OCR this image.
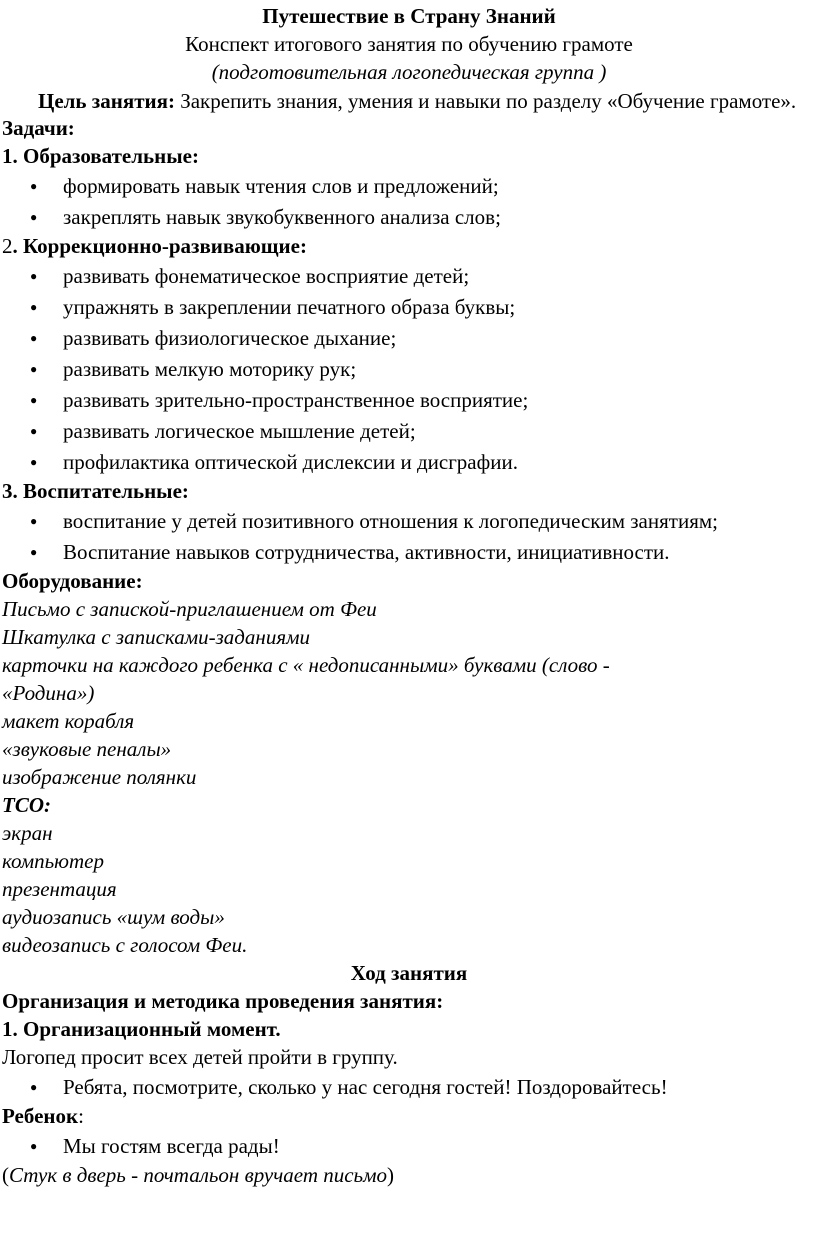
Путешествие в Страну Знаний

Конспект итогового занятия по обучению грамоте

(подготовительная логопедическая группа )

Цель занятия: Закрепить знания, умения и навыки по разделу «Обучение грамоте».

Задачи:

1. Образовательные:

● формировать навык чтения слов и предложений;
● закреплять навык звукобуквенного анализа слов;

2. Коррекционно-развивающие:

● развивать фонематическое восприятие детей;
● упражнять в закреплении печатного образа буквы;
● развивать физиологическое дыхание;
● развивать мелкую моторику рук;
● развивать зрительно-пространственное восприятие;
● развивать логическое мышление детей;
● профилактика оптической дислексии и дисграфии.

3. Воспитательные:

● воспитание у детей позитивного отношения к логопедическим занятиям;
● Воспитание навыков сотрудничества, активности, инициативности.

Оборудование:

Письмо с запиской-приглашением от Феи

Шкатулка с записками-заданиями

карточки на каждого ребенка с « недописанными» буквами (слово -

«Родина»)

макет корабля

«звуковые пеналы»

изображение полянки

ТСО:

экран

компьютер

презентация

аудиозапись «шум воды»

видеозапись с голосом Феи.

Ход занятия

Организация и методика проведения занятия:

1. Организационный момент.

Логопед просит всех детей пройти в группу.

● Ребята, посмотрите, сколько у нас сегодня гостей! Поздоровайтесь!

Ребенок:

● Мы гостям всегда рады!

(Стук в дверь - почтальон вручает письмо)
